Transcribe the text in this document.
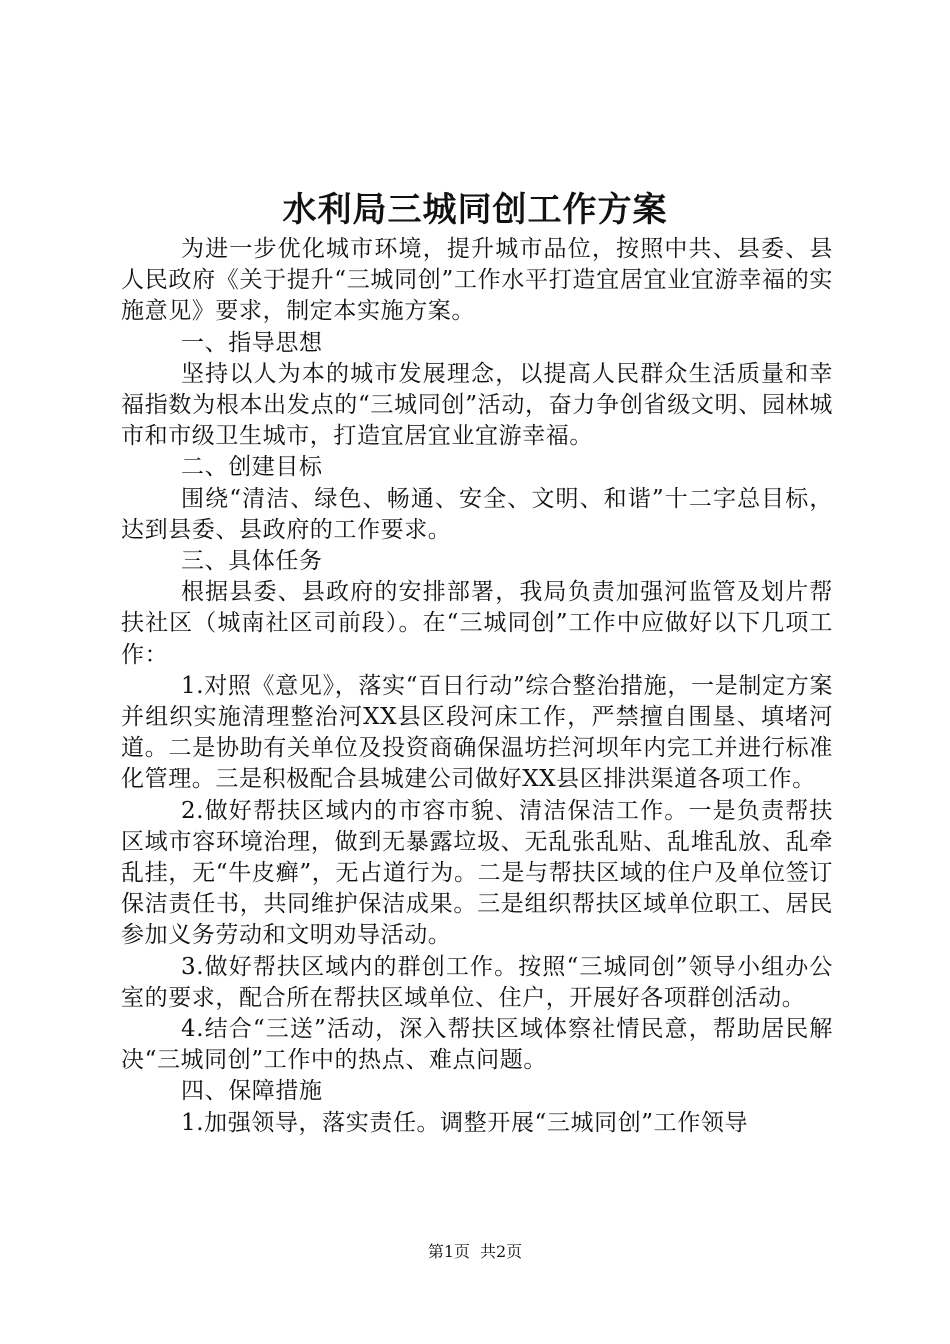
水利局三城同创工作方案

为进一步优化城市环境，提升城市品位，按照中共、县委、县人民政府《关于提升“三城同创”工作水平打造宜居宜业宜游幸福的实施意见》要求，制定本实施方案。

一、指导思想

坚持以人为本的城市发展理念，以提高人民群众生活质量和幸福指数为根本出发点的“三城同创”活动，奋力争创省级文明、园林城市和市级卫生城市，打造宜居宜业宜游幸福。

二、创建目标

围绕“清洁、绿色、畅通、安全、文明、和谐”十二字总目标，达到县委、县政府的工作要求。

三、具体任务

根据县委、县政府的安排部署，我局负责加强河监管及划片帮扶社区（城南社区司前段）。在“三城同创”工作中应做好以下几项工作：

1.对照《意见》，落实“百日行动”综合整治措施，一是制定方案并组织实施清理整治河XX县区段河床工作，严禁擅自围垦、填堵河道。二是协助有关单位及投资商确保温坊拦河坝年内完工并进行标准化管理。三是积极配合县城建公司做好XX县区排洪渠道各项工作。

2.做好帮扶区域内的市容市貌、清洁保洁工作。一是负责帮扶区域市容环境治理，做到无暴露垃圾、无乱张乱贴、乱堆乱放、乱牵乱挂，无“牛皮癣”，无占道行为。二是与帮扶区域的住户及单位签订保洁责任书，共同维护保洁成果。三是组织帮扶区域单位职工、居民参加义务劳动和文明劝导活动。

3.做好帮扶区域内的群创工作。按照“三城同创”领导小组办公室的要求，配合所在帮扶区域单位、住户，开展好各项群创活动。

4.结合“三送”活动，深入帮扶区域体察社情民意，帮助居民解决“三城同创”工作中的热点、难点问题。

四、保障措施

1.加强领导，落实责任。调整开展“三城同创”工作领导

第1页 共2页
